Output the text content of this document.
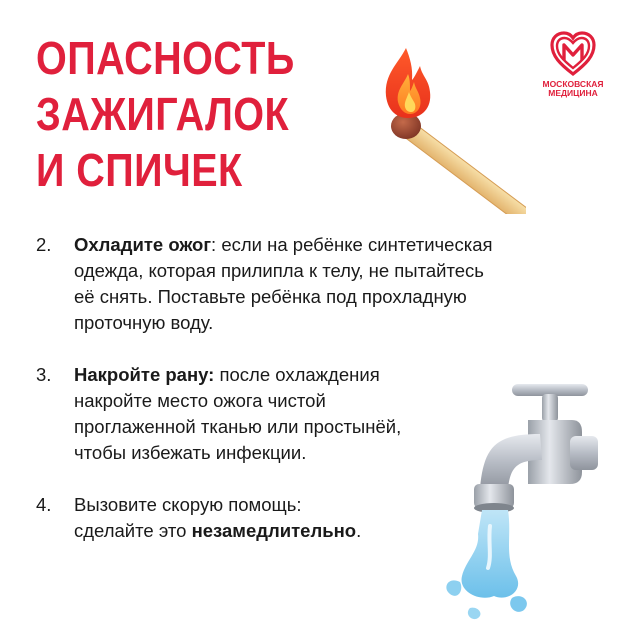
ОПАСНОСТЬ
ЗАЖИГАЛОК
И СПИЧЕК
МОСКОВСКАЯ
МЕДИЦИНА
2. Охладите ожог: если на ребёнке синтетическая
одежда, которая прилипла к телу, не пытайтесь
её снять. Поставьте ребёнка под прохладную
проточную воду.
3. Накройте рану: после охлаждения
накройте место ожога чистой
проглаженной тканью или простынёй,
чтобы избежать инфекции.
4. Вызовите скорую помощь:
сделайте это незамедлительно.
